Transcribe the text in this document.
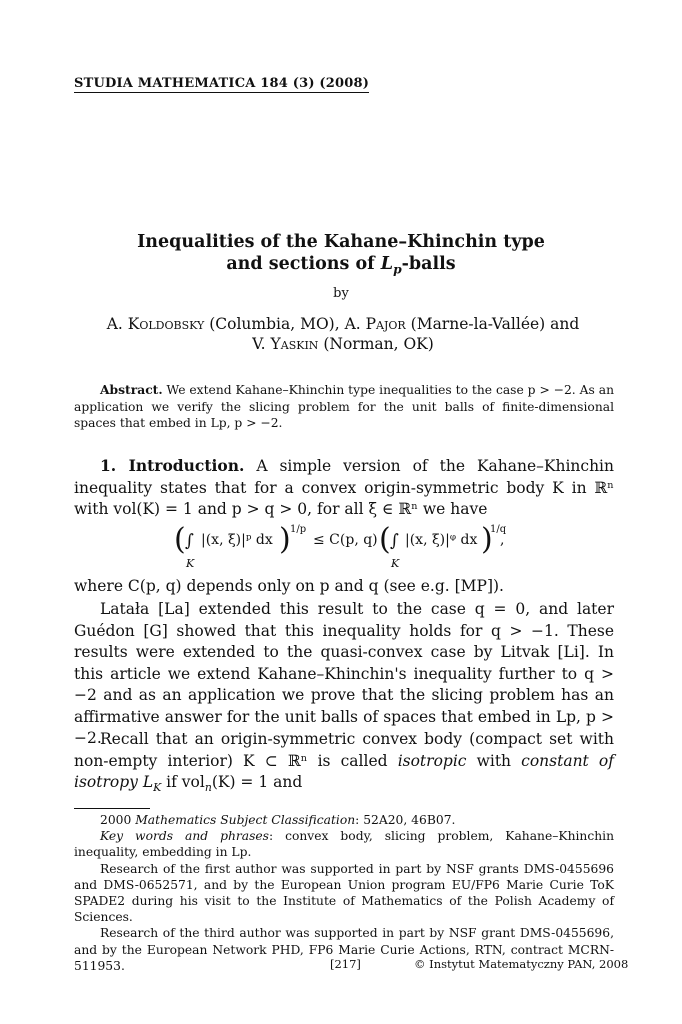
STUDIA MATHEMATICA 184 (3) (2008)
Inequalities of the Kahane–Khinchin type
and sections of $L_p$-balls
by
A. Koldobsky (Columbia, MO), A. Pajor (Marne-la-Vallée) and
V. Yaskin (Norman, OK)
Abstract. We extend Kahane–Khinchin type inequalities to the case p > −2. As an application we verify the slicing problem for the unit balls of finite-dimensional spaces that embed in Lp, p > −2.
1. Introduction. A simple version of the Kahane–Khinchin inequality states that for a convex origin-symmetric body K in ℝⁿ with vol(K) = 1 and p > q > 0, for all ξ ∈ ℝⁿ we have
( ∫
K
|(x, ξ)|ᵖ dx ) 1/p
≤ C(p, q) ( ∫
K
|(x, ξ)|ᵠ dx )
1/q
,
where C(p, q) depends only on p and q (see e.g. [MP]).
Latała [La] extended this result to the case q = 0, and later Guédon [G] showed that this inequality holds for q > −1. These results were extended to the quasi-convex case by Litvak [Li]. In this article we extend Kahane–Khinchin's inequality further to q > −2 and as an application we prove that the slicing problem has an affirmative answer for the unit balls of spaces that embed in Lp, p > −2.
Recall that an origin-symmetric convex body (compact set with non-empty interior) K ⊂ ℝⁿ is called isotropic with constant of isotropy $L_K$ if vol$_n$(K) = 1 and

2000 Mathematics Subject Classification: 52A20, 46B07.

Key words and phrases: convex body, slicing problem, Kahane–Khinchin inequality, embedding in Lp.

Research of the first author was supported in part by NSF grants DMS-0455696 and DMS-0652571, and by the European Union program EU/FP6 Marie Curie ToK SPADE2 during his visit to the Institute of Mathematics of the Polish Academy of Sciences.

Research of the third author was supported in part by NSF grant DMS-0455696, and by the European Network PHD, FP6 Marie Curie Actions, RTN, contract MCRN-511953.	[217]	© Instytut Matematyczny PAN, 2008
